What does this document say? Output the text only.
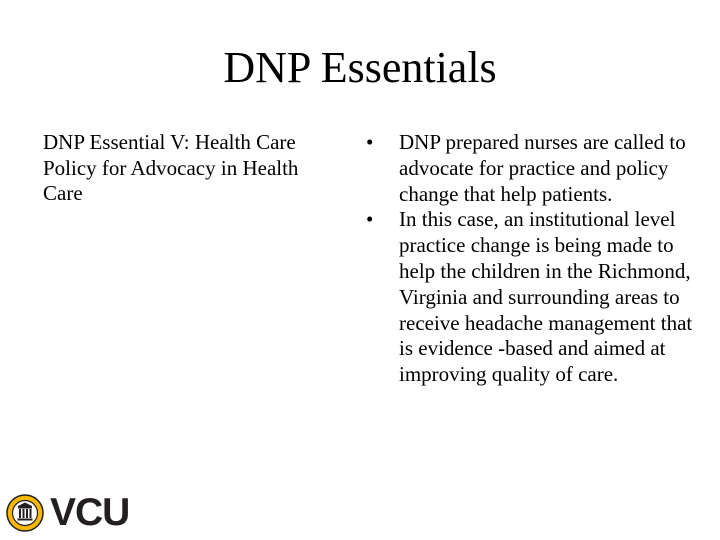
DNP Essentials
DNP Essential V: Health Care Policy for Advocacy in Health Care
•	DNP prepared nurses are called to advocate for practice and policy change that help patients.
•	In this case, an institutional level practice change is being made to help the children in the Richmond, Virginia and surrounding areas to receive headache management that is evidence -based and aimed at improving quality of care.
VCU
